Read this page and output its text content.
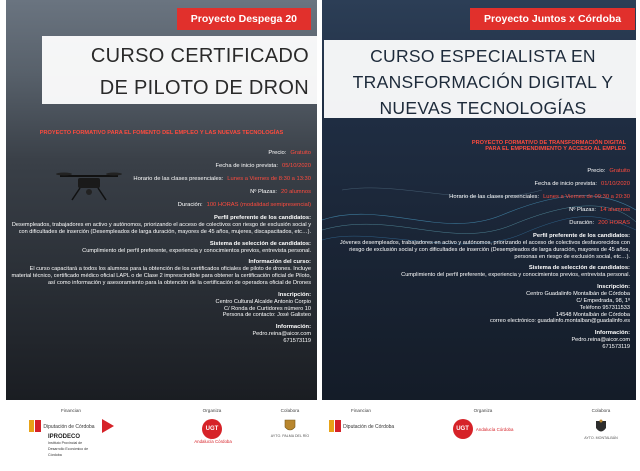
Proyecto Despega 20
CURSO CERTIFICADO
DE PILOTO DE DRON
PROYECTO FORMATIVO PARA EL FOMENTO DEL EMPLEO Y LAS NUEVAS TECNOLOGÍAS
Precio: Gratuito
Fecha de inicio prevista: 05/10/2020
Horario de las clases presenciales: Lunes a Viernes de 8:30 a 13:30
Nº Plazas: 20 alumnos
Duración: 100 HORAS (modalidad semipresencial)
Perfil preferente de los candidatos:
Desempleados, trabajadores en activo y autónomos, priorizando el acceso de colectivos con riesgo de exclusión social y con dificultades de inserción (Desempleados de larga duración, mayores de 45 años, mujeres, discapacitados, etc…).
Sistema de selección de candidatos:
Cumplimiento del perfil preferente, experiencia y conocimientos previos, entrevista personal.
Información del curso:
El curso capacitará a todos los alumnos para la obtención de los certificados oficiales de piloto de drones. Incluye material técnico, certificado médico oficial LAPL o de Clase 2 imprescindible para obtener la certificación oficial de Piloto, así como información y asesoramiento para la obtención de la certificación de operadora oficial de Drones
Inscripción:
Centro Cultural Alcalde Antonio Corpio
C/ Ronda de Curtidores número 10
Persona de contacto: José Galisteo
Información:
Pedro.reina@aicor.com
671573119
Proyecto Juntos x Córdoba
CURSO ESPECIALISTA EN
TRANSFORMACIÓN DIGITAL Y
NUEVAS TECNOLOGÍAS
PROYECTO FORMATIVO DE TRANSFORMACIÓN DIGITAL
PARA EL EMPRENDIMIENTO Y ACCESO AL EMPLEO
Precio: Gratuito
Fecha de inicio prevista: 01/10/2020
Horario de las clases presenciales: Lunes a Viernes de 09:30 a 20:30
Nº Plazas: 14 alumnos
Duración: 200 HORAS
Perfil preferente de los candidatos:
Jóvenes desempleados, trabajadores en activo y autónomos, priorizando el acceso de colectivos desfavorecidos con riesgo de exclusión social y con dificultades de inserción (Desempleados de larga duración, mayores de 45 años, personas en riesgo de exclusión social, etc…).
Sistema de selección de candidatos:
Cumplimiento del perfil preferente, experiencia y conocimientos previos, entrevista personal.
Inscripción:
Centro Guadalinfo Montalbán de Córdoba
C/ Empedrada, 98, 1º
Teléfono 957311533
14548 Montalbán de Córdoba
correo electrónico: guadalinfo.montalban@guadalinfo.es
Información:
Pedro.reina@aicor.com
671573119
Financian
Diputación de Córdoba  IPRODECO
Instituto Provincial de Desarrollo Económico de Córdoba
Organiza
UGT Andalucía Córdoba
Colabora
AYTO. PALMA DEL RÍO
Financian
Diputación de Córdoba
Organiza
UGT Andalucía Córdoba
Colabora
AYTO. MONTALBÁN
